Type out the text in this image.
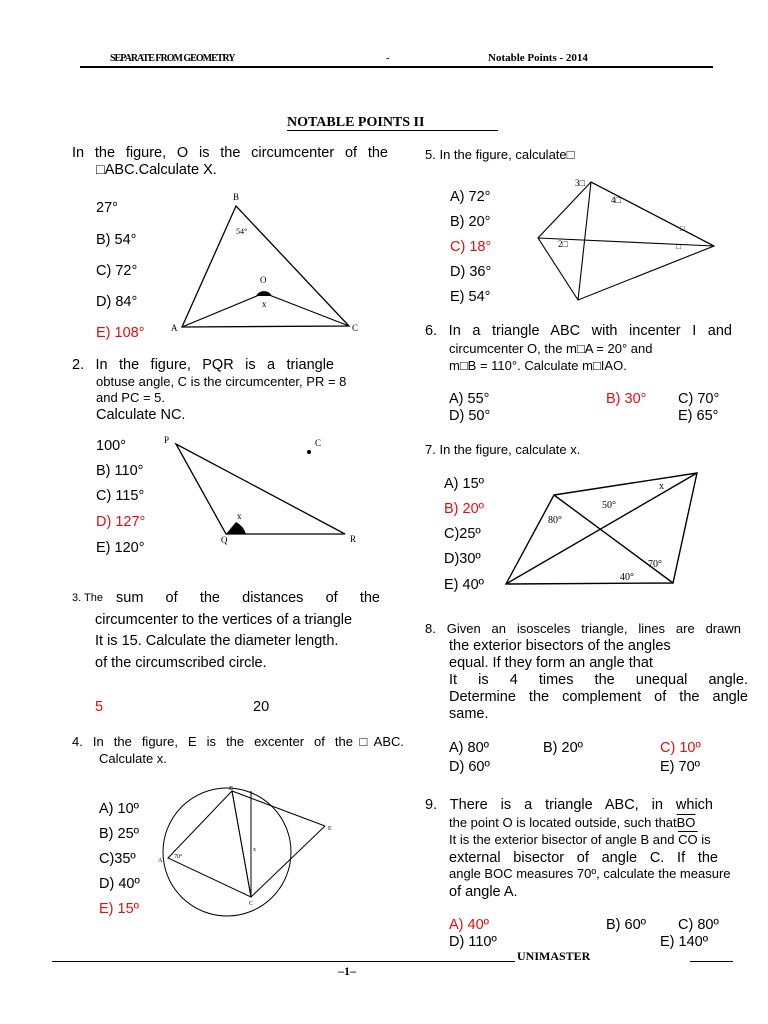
SEPARATE FROM GEOMETRY	-	Notable Points - 2014
NOTABLE POINTS II
In the figure, O is the circumcenter of the
□ABC.Calculate X.
27°
B) 54°
C) 72°
D) 84°
E) 108°
B
54°
O
x
A	C
2. In the figure, PQR is a triangle
obtuse angle, C is the circumcenter, PR = 8
and PC = 5.
Calculate NC.
100°
B) 110°
C) 115°
D) 127°
E) 120°
P	C
x
Q	R
3. The sum of the distances of the
circumcenter to the vertices of a triangle
It is 15. Calculate the diameter length.
of the circumscribed circle.
5	20
4. In the figure, E is the excenter of the□ABC.
Calculate x.
A) 10º
B) 25º
C)35º
D) 40º
E) 15º
B
A
70°
C
E
x
5. In the figure, calculate□
A) 72°
B) 20°
C) 18°
D) 36°
E) 54°
3□
4□
2□
□
□
6. In a triangle ABC with incenter I and
circumcenter O, the m□A = 20° and
m□B = 110°. Calculate m□IAO.
A) 55°	B) 30° C) 70°
D) 50°	E) 65°
7. In the figure, calculate x.
A) 15º
B) 20º
C)25º
D)30º
E) 40º
50°
80°
x
70°
40°
8. Given an isosceles triangle, lines are drawn
the exterior bisectors of the angles
equal. If they form an angle that
It is 4 times the unequal angle.
Determine the complement of the angle
same.
A) 80º	B) 20º	C) 10º
D) 60º	E) 70º
9. There is a triangle ABC, in which
the point O is located outside, such $that\overline{BO}$
It is the exterior bisector of angle B and $\overline{CO}$ is
external bisector of angle C. If the
angle BOC measures 70º, calculate the measure
of angle A.
A) 40º	B) 60º C) 80º
D) 110º	E) 140º
UNIMASTER
–1–
